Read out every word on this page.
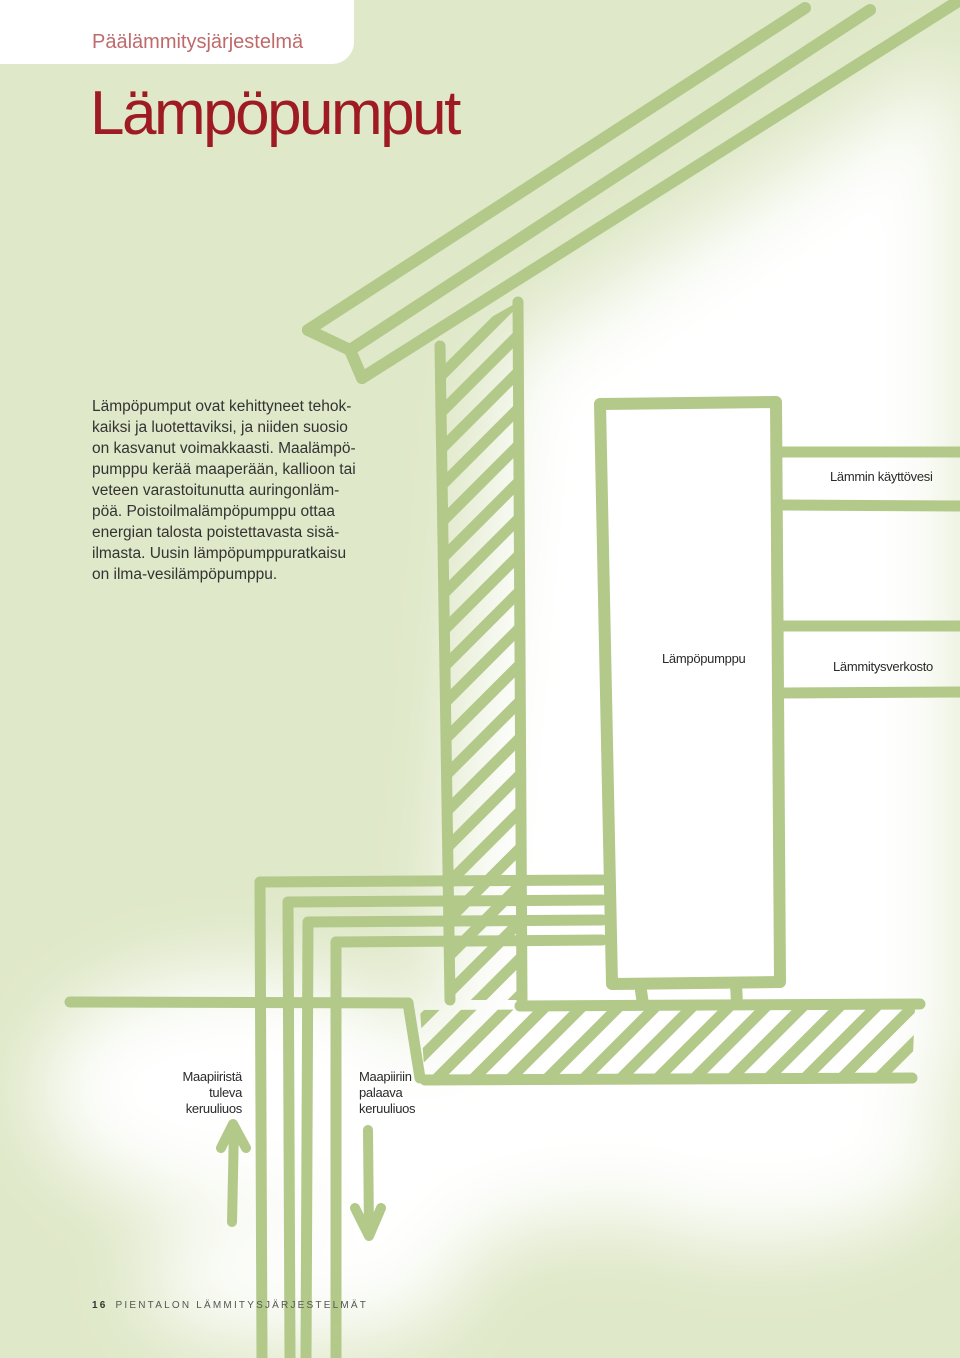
Päälämmitysjärjestelmä
Lämpöpumput

Lämpöpumput ovat kehittyneet tehok-
kaiksi ja luotettaviksi, ja niiden suosio
on kasvanut voimakkaasti. Maalämpö-
pumppu kerää maaperään, kallioon tai
veteen varastoitunutta auringonläm-
pöä. Poistoilmalämpöpumppu ottaa
energian talosta poistettavasta sisä-
ilmasta. Uusin lämpöpumppuratkaisu
on ilma-vesilämpöpumppu.

Lämmin käyttövesi
Lämpöpumppu
Lämmitysverkosto
Maapiiristä
tuleva
keruuliuos
Maapiiriin
palaava
keruuliuos
16 PIENTALON LÄMMITYSJÄRJESTELMÄT
